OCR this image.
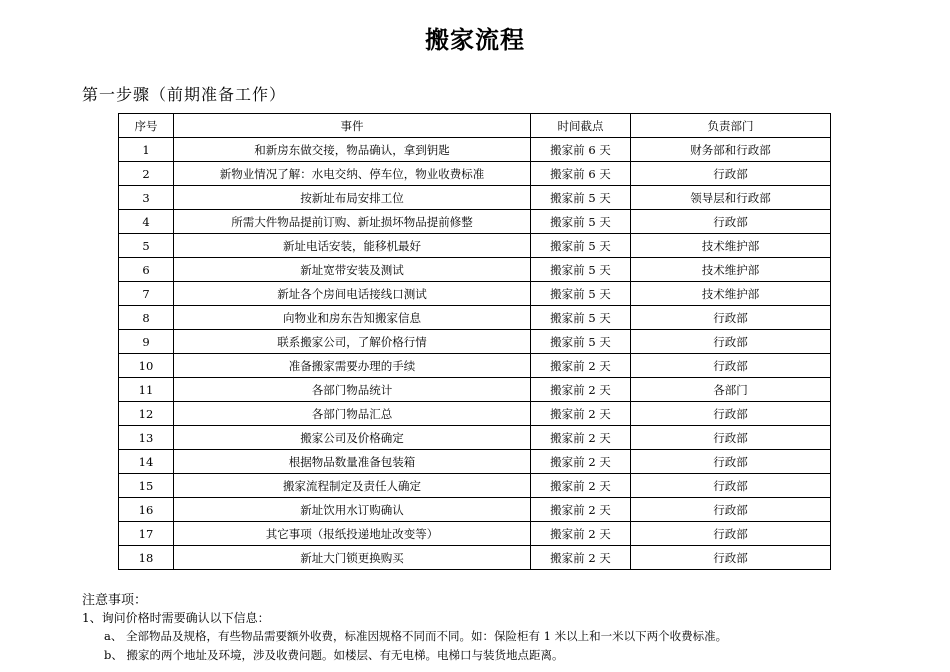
搬家流程
第一步骤（前期准备工作）
序号	事件	时间截点	负责部门
1	和新房东做交接，物品确认，拿到钥匙	搬家前 6 天	财务部和行政部
2	新物业情况了解：水电交纳、停车位，物业收费标准	搬家前 6 天	行政部
3	按新址布局安排工位	搬家前 5 天	领导层和行政部
4	所需大件物品提前订购、新址损坏物品提前修整	搬家前 5 天	行政部
5	新址电话安装，能移机最好	搬家前 5 天	技术维护部
6	新址宽带安装及测试	搬家前 5 天	技术维护部
7	新址各个房间电话接线口测试	搬家前 5 天	技术维护部
8	向物业和房东告知搬家信息	搬家前 5 天	行政部
9	联系搬家公司，了解价格行情	搬家前 5 天	行政部
10	准备搬家需要办理的手续	搬家前 2 天	行政部
11	各部门物品统计	搬家前 2 天	各部门
12	各部门物品汇总	搬家前 2 天	行政部
13	搬家公司及价格确定	搬家前 2 天	行政部
14	根据物品数量准备包装箱	搬家前 2 天	行政部
15	搬家流程制定及责任人确定	搬家前 2 天	行政部
16	新址饮用水订购确认	搬家前 2 天	行政部
17	其它事项（报纸投递地址改变等）	搬家前 2 天	行政部
18	新址大门锁更换购买	搬家前 2 天	行政部
注意事项：
1、询问价格时需要确认以下信息：
a、 全部物品及规格，有些物品需要额外收费，标准因规格不同而不同。如：保险柜有 1 米以上和一米以下两个收费标准。
b、 搬家的两个地址及环境，涉及收费问题。如楼层、有无电梯。电梯口与装货地点距离。
